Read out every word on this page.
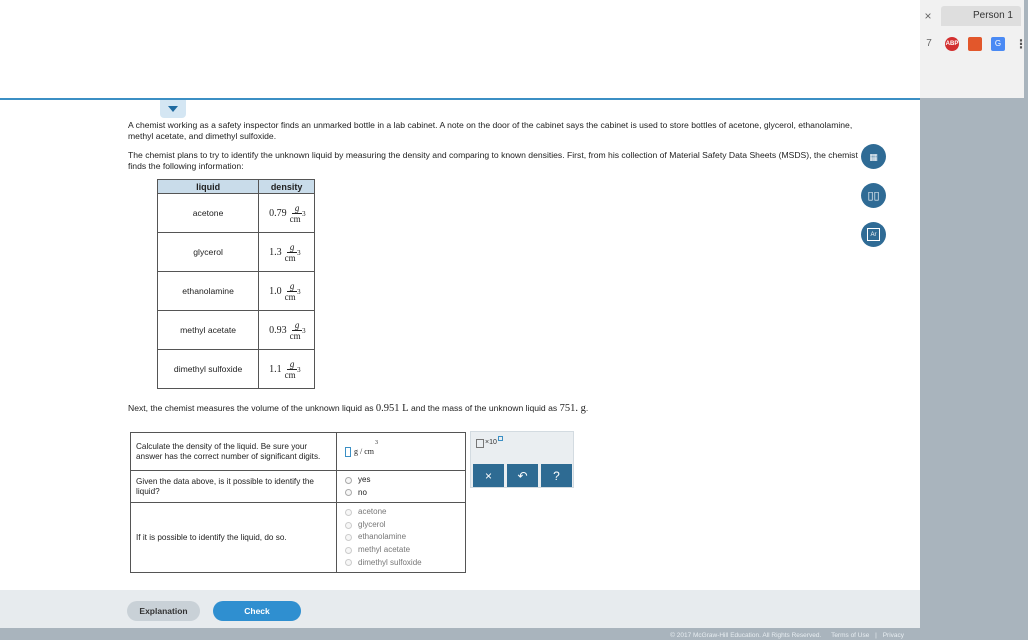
×	Person 1
7	ABP	G	⋮

A chemist working as a safety inspector finds an unmarked bottle in a lab cabinet. A note on the door of the cabinet says the cabinet is used to store bottles of acetone, glycerol, ethanolamine, methyl acetate, and dimethyl sulfoxide.

The chemist plans to try to identify the unknown liquid by measuring the density and comparing to known densities. First, from his collection of Material Safety Data Sheets (MSDS), the chemist finds the following information:

liquid	density
acetone	0.79 g
cm 3

glycerol	1.3 g
cm 3

ethanolamine	1.0 g
cm 3

methyl acetate	0.93 g
cm 3

dimethyl sulfoxide	1.1 g
cm 3

Next, the chemist measures the volume of the unknown liquid as 0.951 L and the mass of the unknown liquid as 751. g.

▦
▯▯
Ar
Calculate the density of the liquid. Be sure your answer has the correct number of significant digits.	g / cm
3

Given the data above, is it possible to identify the liquid?	yes
no

If it is possible to identify the liquid, do so.	acetone
glycerol
ethanolamine
methyl acetate
dimethyl sulfoxide
×10
×	↶	?
Explanation	Check
© 2017 McGraw-Hill Education. All Rights Reserved. Terms of Use | Privacy
